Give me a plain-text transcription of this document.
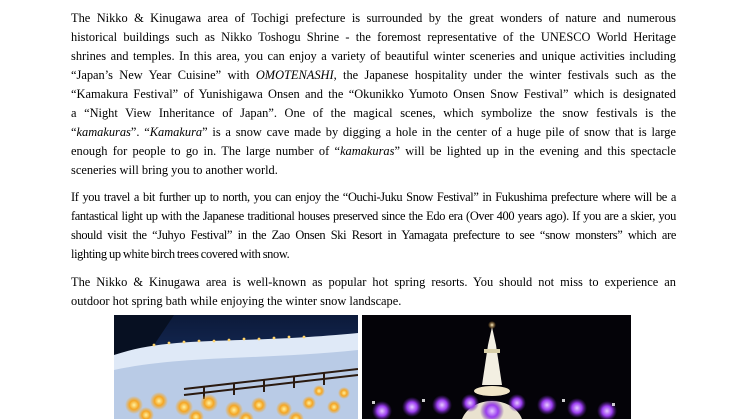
The Nikko & Kinugawa area of Tochigi prefecture is surrounded by the great wonders of nature and numerous
historical buildings such as Nikko Toshogu Shrine - the foremost representative of the UNESCO World Heritage
shrines and temples. In this area, you can enjoy a variety of beautiful winter sceneries and unique activities including
“Japan’s New Year Cuisine” with OMOTENASHI, the Japanese hospitality under the winter festivals such as the
“Kamakura Festival” of Yunishigawa Onsen and the “Okunikko Yumoto Onsen Snow Festival” which is designated
a “Night View Inheritance of Japan”. One of the magical scenes, which symbolize the snow festivals is the
“kamakuras”. “Kamakura” is a snow cave made by digging a hole in the center of a huge pile of snow that is large
enough for people to go in. The large number of “kamakuras” will be lighted up in the evening and this spectacle
sceneries will bring you to another world.
If you travel a bit further up to north, you can enjoy the “Ouchi-Juku Snow Festival” in Fukushima prefecture where will be a
fantastical light up with the Japanese traditional houses preserved since the Edo era (Over 400 years ago). If you are a skier, you
should visit the “Juhyo Festival” in the Zao Onsen Ski Resort in Yamagata prefecture to see “snow monsters” which are
lighting up white birch trees covered with snow.
The Nikko & Kinugawa area is well-known as popular hot spring resorts. You should not miss to experience an
outdoor hot spring bath while enjoying the winter snow landscape.
